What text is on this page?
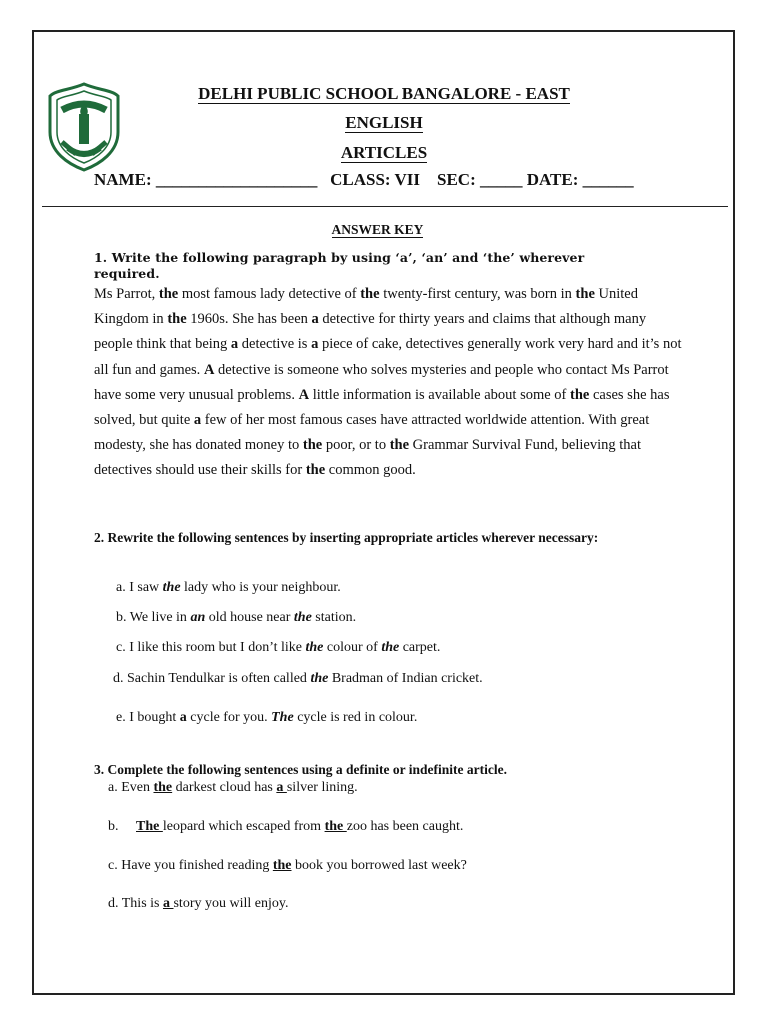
DELHI PUBLIC SCHOOL BANGALORE - EAST
ENGLISH
ARTICLES
NAME: ___________________   CLASS: VII    SEC: _____ DATE: ______
ANSWER KEY
1. Write the following paragraph by using ‘a’, ‘an’ and ‘the’ wherever required.
Ms Parrot, the most famous lady detective of the twenty-first century, was born in the United Kingdom in the 1960s. She has been a detective for thirty years and claims that although many people think that being a detective is a piece of cake, detectives generally work very hard and it’s not all fun and games. A detective is someone who solves mysteries and people who contact Ms Parrot have some very unusual problems. A little information is available about some of the cases she has solved, but quite a few of her most famous cases have attracted worldwide attention. With great modesty, she has donated money to the poor, or to the Grammar Survival Fund, believing that detectives should use their skills for the common good.
2. Rewrite the following sentences by inserting appropriate articles wherever necessary:
a. I saw the lady who is your neighbour.
b. We live in an old house near the station.
c. I like this room but I don’t like the colour of the carpet.
d. Sachin Tendulkar is often called the Bradman of Indian cricket.
e. I bought a cycle for you. The cycle is red in colour.
3. Complete the following sentences using a definite or indefinite article.
a. Even the darkest cloud has a silver lining.
b.     The leopard which escaped from the zoo has been caught.
c. Have you finished reading the book you borrowed last week?
d. This is a story you will enjoy.
